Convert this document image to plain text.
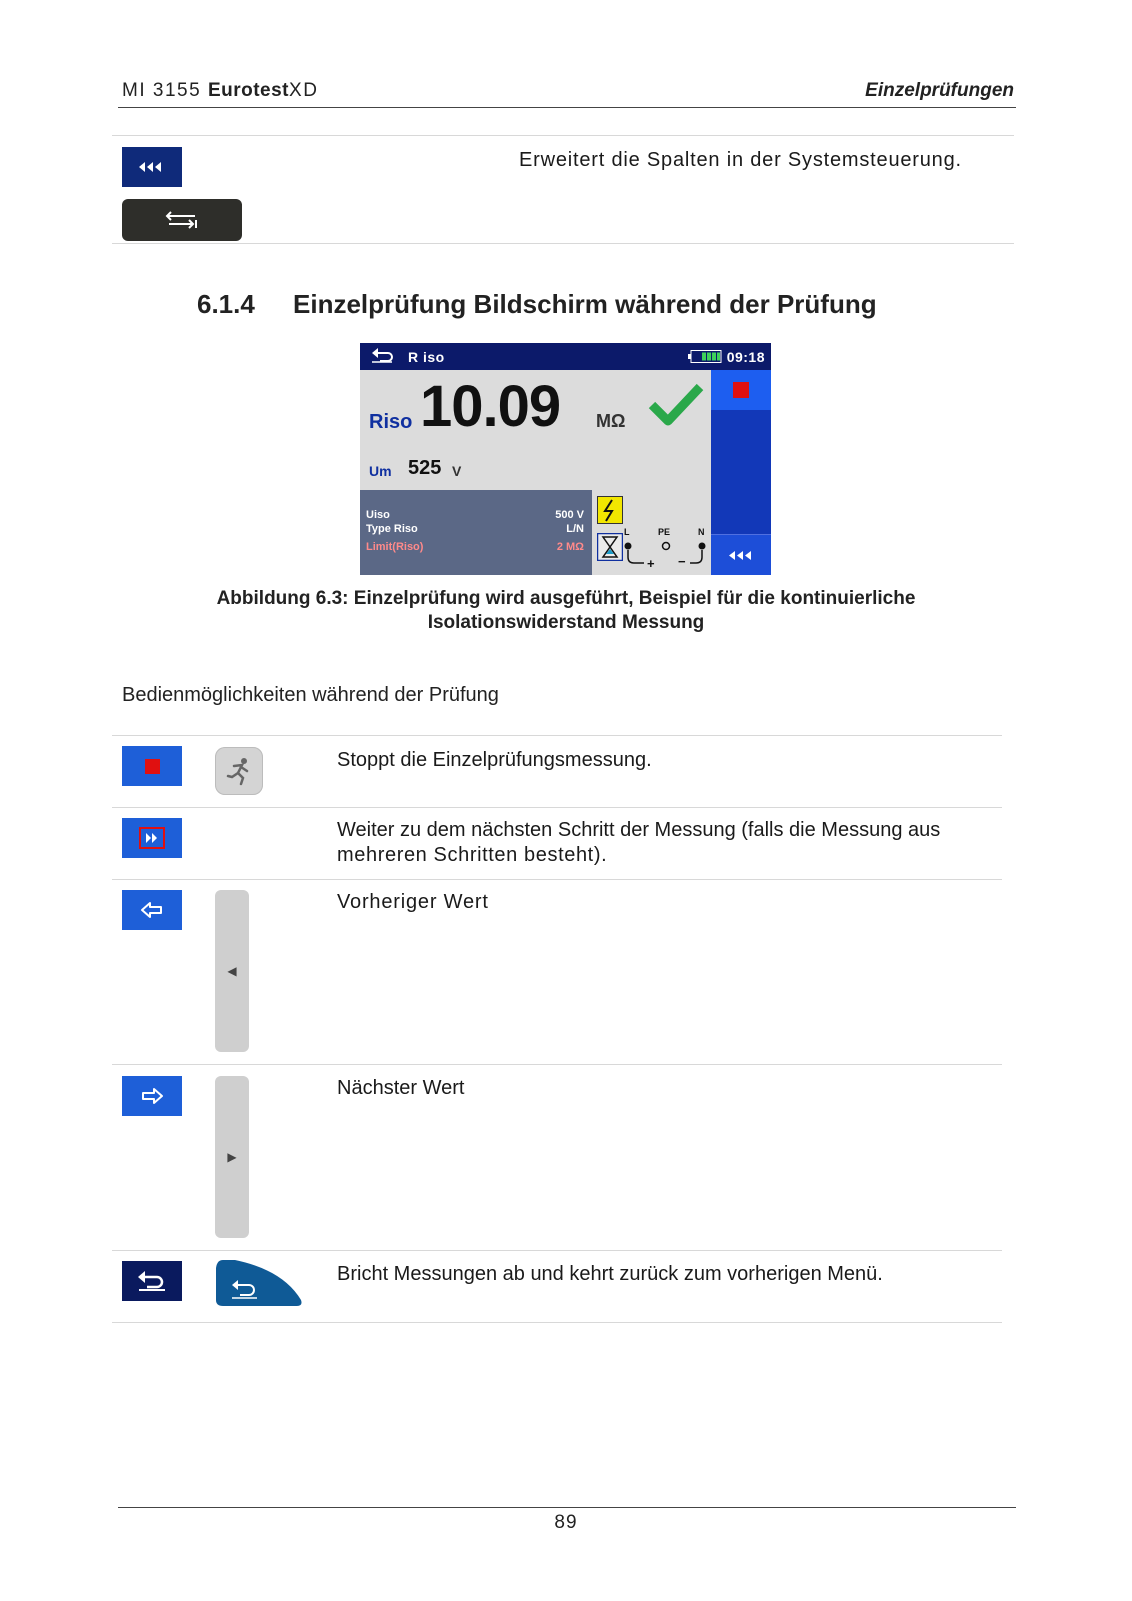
MI 3155 EurotestXD	Einzelprüfungen
Erweitert die Spalten in der Systemsteuerung.
6.1.4 Einzelprüfung Bildschirm während der Prüfung
R iso	09:18
Riso 10.09 MΩ
Um 525 V
Uiso	500 V
Type Riso	L/N
Limit(Riso)	2 MΩ
L	PE	N
+ −
Abbildung 6.3: Einzelprüfung wird ausgeführt, Beispiel für die kontinuierliche
Isolationswiderstand Messung
Bedienmöglichkeiten während der Prüfung
Stoppt die Einzelprüfungsmessung.
Weiter zu dem nächsten Schritt der Messung (falls die Messung aus
mehreren Schritten besteht).
◀
Vorheriger Wert
▶
Nächster Wert
Bricht Messungen ab und kehrt zurück zum vorherigen Menü.
89
